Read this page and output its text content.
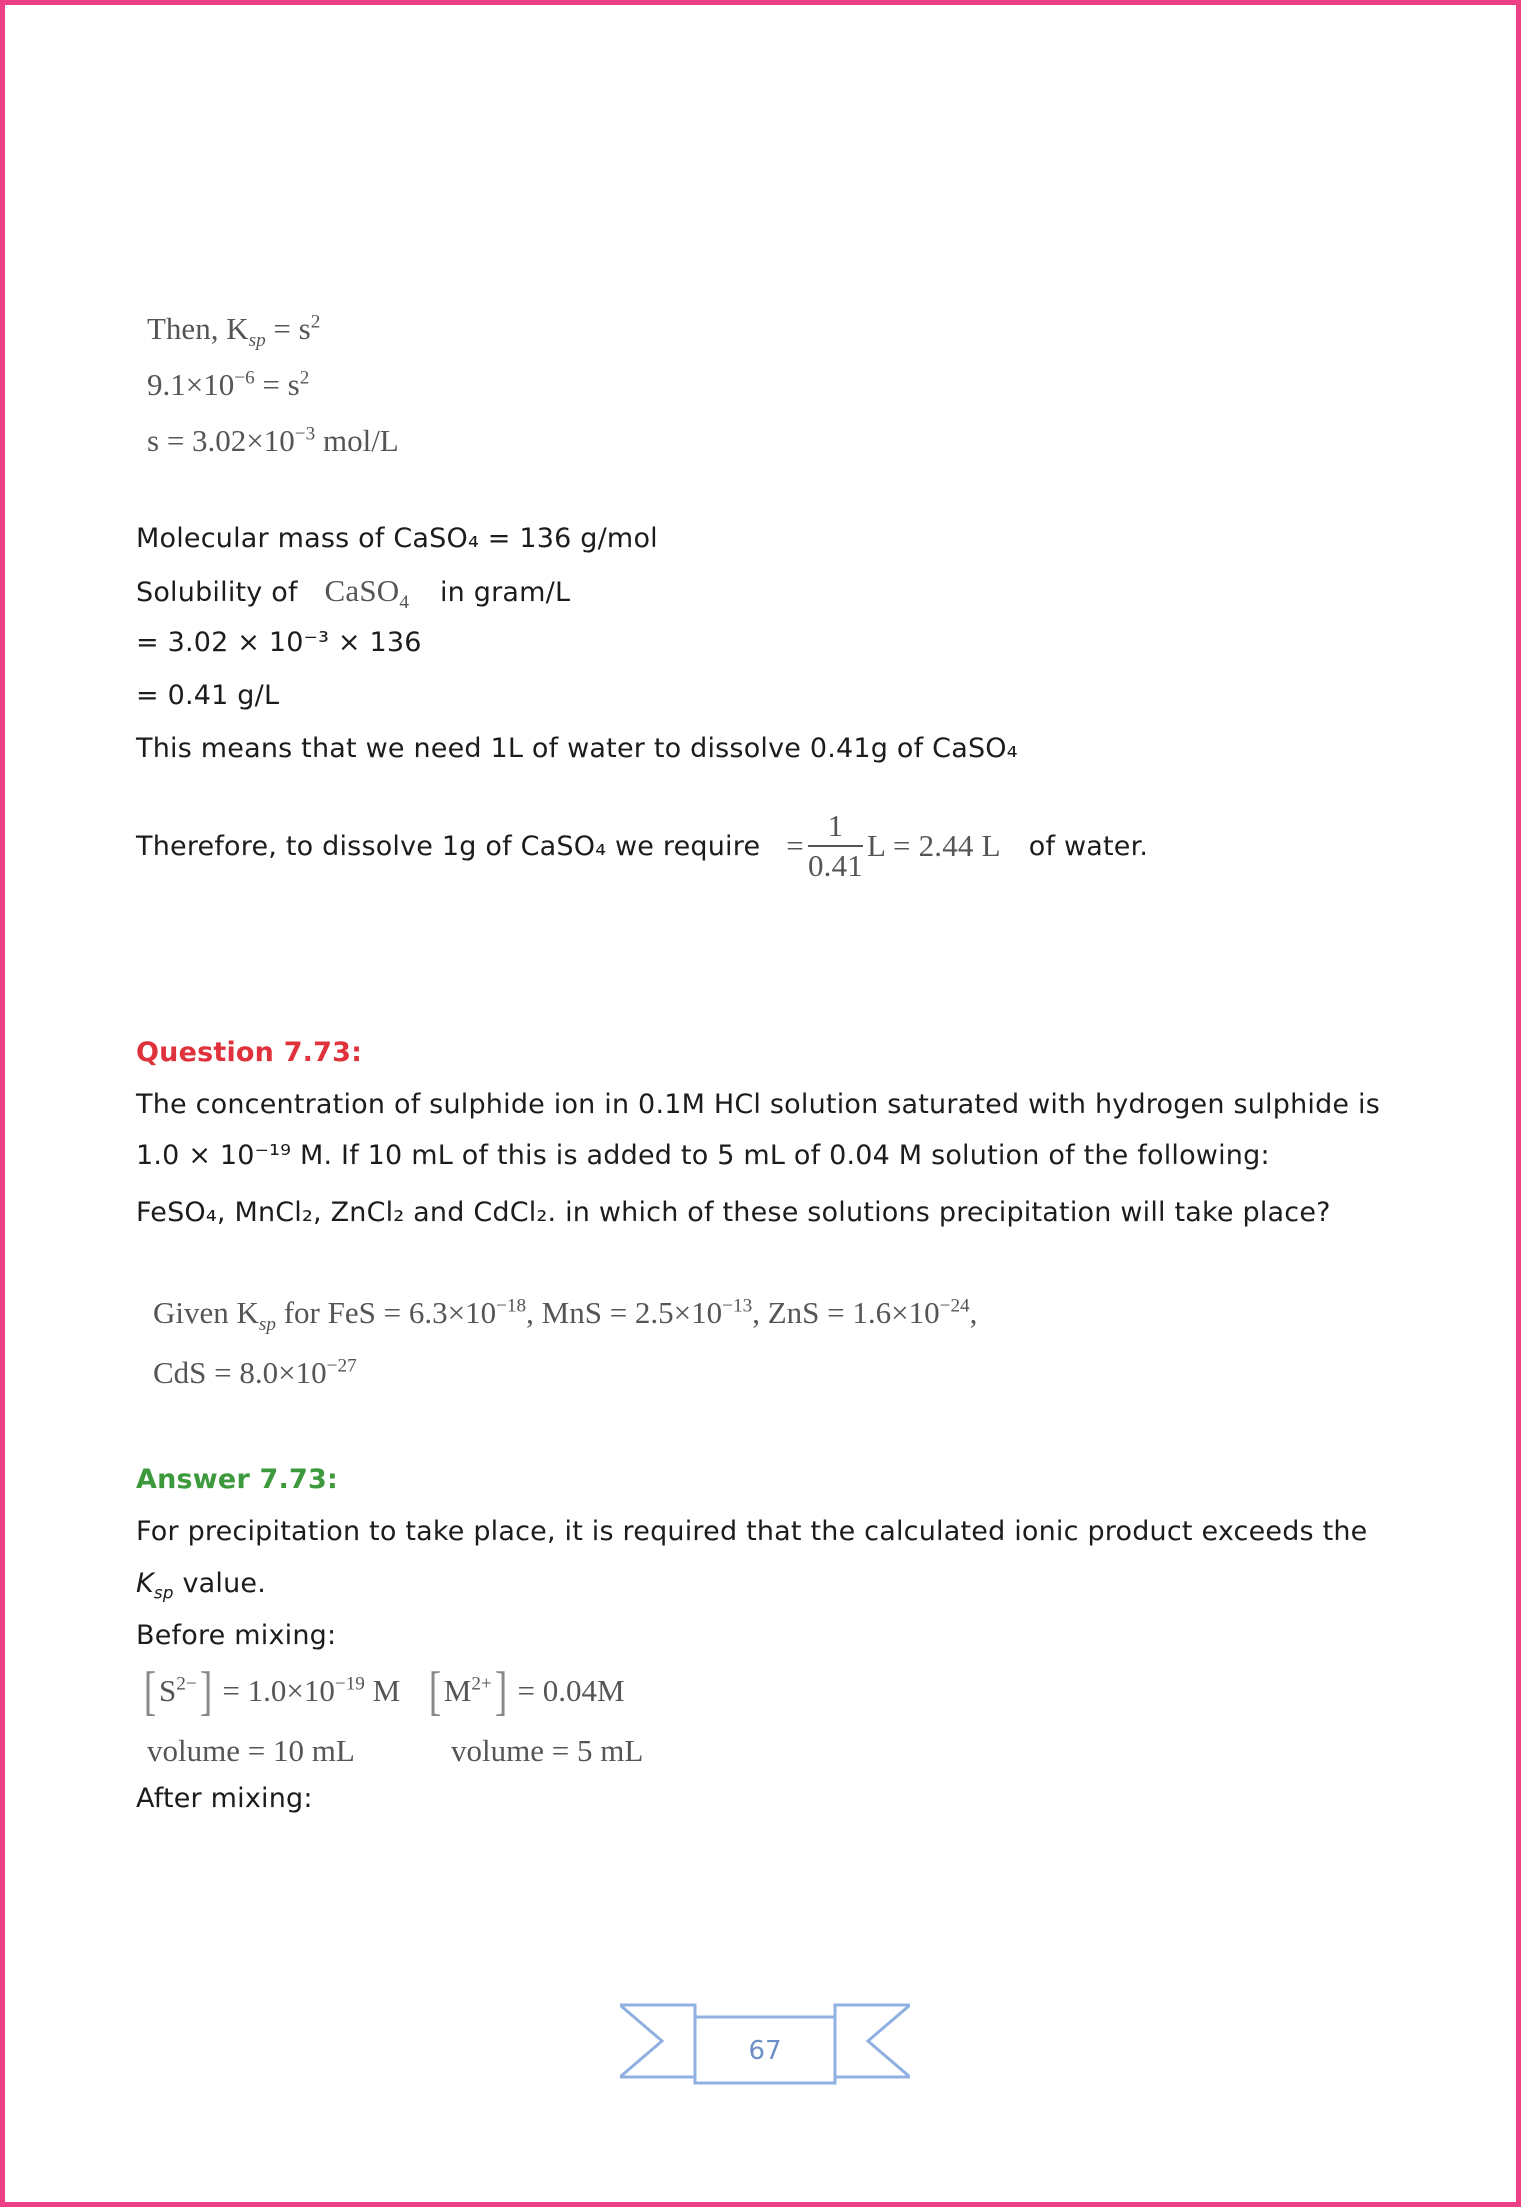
Then, $K_{sp} = s^2$
$9.1\times 10^{-6} = s^2$
$s = 3.02\times 10^{-3}$ mol/L
Molecular mass of CaSO₄ = 136 g/mol
Solubility of CaSO$_4$ in gram/L
= 3.02 × 10⁻³ × 136
= 0.41 g/L
This means that we need 1L of water to dissolve 0.41g of CaSO₄
Therefore, to dissolve 1g of CaSO₄ we require = $\frac{1}{0.41}$ L = 2.44 L of water.
Question 7.73:
The concentration of sulphide ion in 0.1M HCl solution saturated with hydrogen sulphide is
1.0 × 10⁻¹⁹ M. If 10 mL of this is added to 5 mL of 0.04 M solution of the following:
FeSO₄, MnCl₂, ZnCl₂ and CdCl₂. in which of these solutions precipitation will take place?
Given $K_{sp}$ for FeS = $6.3\times 10^{-18}$, MnS = $2.5\times 10^{-13}$, ZnS = $1.6\times 10^{-24}$,
CdS = $8.0\times 10^{-27}$
Answer 7.73:
For precipitation to take place, it is required that the calculated ionic product exceeds the
$K_{sp}$ value.
Before mixing:
$[S^{2-}] = 1.0\times 10^{-19}$ M $[M^{2+}] = 0.04M$
volume = 10 mL	volume = 5 mL
After mixing:
67
